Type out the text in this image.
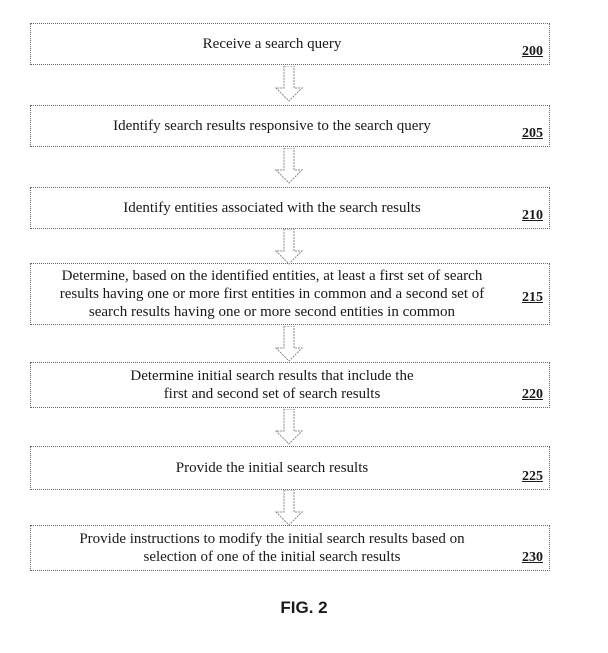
Receive a search query	200
Identify search results responsive to the search query	205
Identify entities associated with the search results	210
Determine, based on the identified entities, at least a first set of search
results having one or more first entities in common and a second set of
search results having one or more second entities in common
215
Determine initial search results that include the
first and second set of search results	220
Provide the initial search results
225
Provide instructions to modify the initial search results based on
selection of one of the initial search results	230
FIG. 2
